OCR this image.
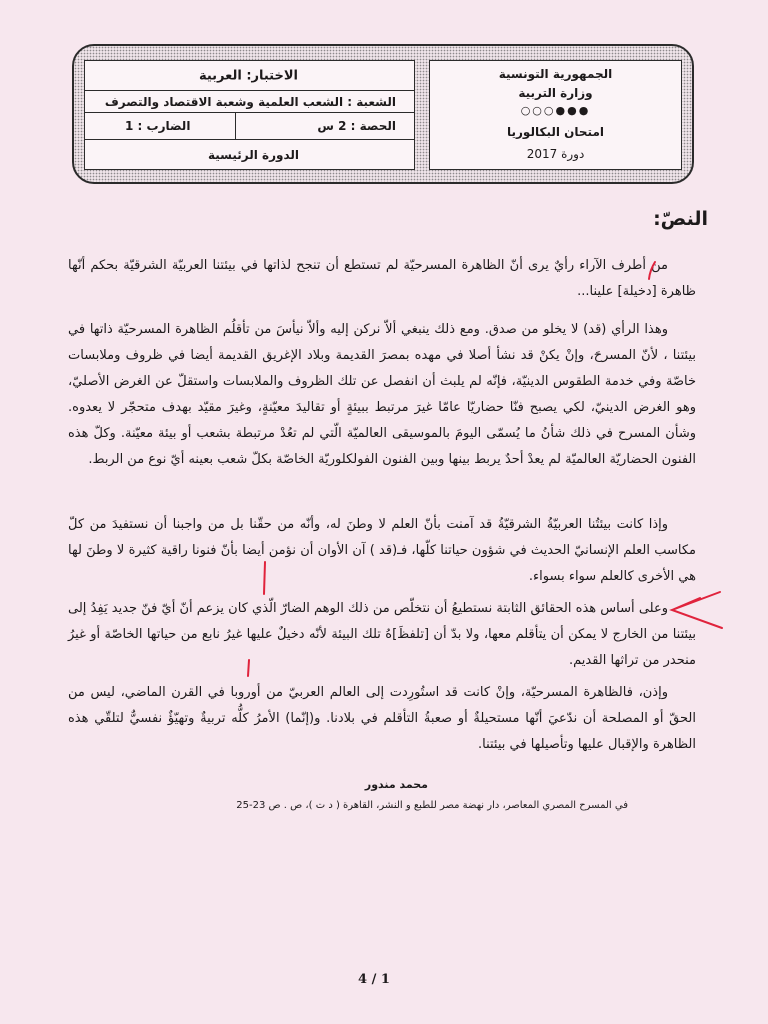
الاختبار: العربية
الشعبة : الشعب العلمية وشعبة الاقتصاد والتصرف
الحصة : 2 س
الضارب : 1
الدورة الرئيسية
الجمهورية التونسية
وزارة التربية
●●●○○○
امتحان البكالوريا
دورة 2017
النصّ:

من أطرف الآراء رأيٌ يرى أنّ الظاهرة المسرحيّة لم تستطع أن تنجح لذاتها في بيئتنا العربيّة الشرقيّة بحكم أنّها ظاهرة [دخيلة] علينا...

وهذا الرأي (قد) لا يخلو من صدق. ومع ذلك ينبغي ألاّ نركن إليه وألاّ نيأسَ من تأقلُم الظاهرة المسرحيّة ذاتها في بيئتنا ، لأنّ المسرحَ، وإنْ يكنْ قد نشأ أصلا في مهده بمصرَ القديمة وبلاد الإغريق القديمة أيضا في ظروف وملابسات خاصّة وفي خدمة الطقوس الدينيّة، فإنّه لم يلبث أن انفصل عن تلك الظروف والملابسات واستقلّ عن الغرض الأصليّ، وهو الغرض الدينيّ، لكي يصبح فنّا حضاريّا عامّا غيرَ مرتبط ببيئةٍ أو تقاليدَ معيّنةٍ، وغيرَ مقيّد بهدف متحجّر لا يعدوه. وشأن المسرح في ذلك شأنُ ما يُسمّى اليومَ بالموسيقى العالميّة الّتي لم تعُدْ مرتبطة بشعب أو بيئة معيّنة. وكلّ هذه الفنون الحضاريّة العالميّة لم يعدْ أحدٌ يربط بينها وبين الفنون الفولكلوريّة الخاصّة بكلّ شعب بعينه أيّ نوع من الربط.

وإذا كانت بيئتُنا العربيّةُ الشرقيّةُ قد آمنت بأنّ العلم لا وطنَ له، وأنّه من حقّنا بل من واجبنا أن نستفيدَ من كلّ مكاسب العلم الإنسانيّ الحديث في شؤون حياتنا كلّها، فـ(قد ) آن الأوان أن نؤمن أيضا بأنّ فنونا راقية كثيرة لا وطنَ لها هي الأخرى كالعلم سواء بسواء.

وعلى أساس هذه الحقائق الثابتة نستطيعُ أن نتخلّص من ذلك الوهم الضارّ الّذي كان يزعم أنّ أيّ فنّ جديد يَفِدُ إلى بيئتنا من الخارج لا يمكن أن يتأقلم معها، ولا بدّ أن [تلفظَ]هُ تلك البيئة لأنّه دخيلٌ عليها غيرُ نابع من حياتها الخاصّة أو غيرُ منحدر من تراثها القديم.

وإذن، فالظاهرة المسرحيّة، وإنْ كانت قد استُورِدت إلى العالم العربيّ من أوروبا في القرن الماضي، ليس من الحقّ أو المصلحة أن ندّعيَ أنّها مستحيلةٌ أو صعبةُ التأقلم في بلادنا. و(إنّما) الأمرُ كلُّه تربيةٌ وتهيّؤٌ نفسيٌّ لتلقّي هذه الظاهرة والإقبال عليها وتأصيلها في بيئتنا.

محمد مندور
في المسرح المصري المعاصر، دار نهضة مصر للطبع و النشر، القاهرة ( د ت )، ص . ص 23-25
4 / 1
